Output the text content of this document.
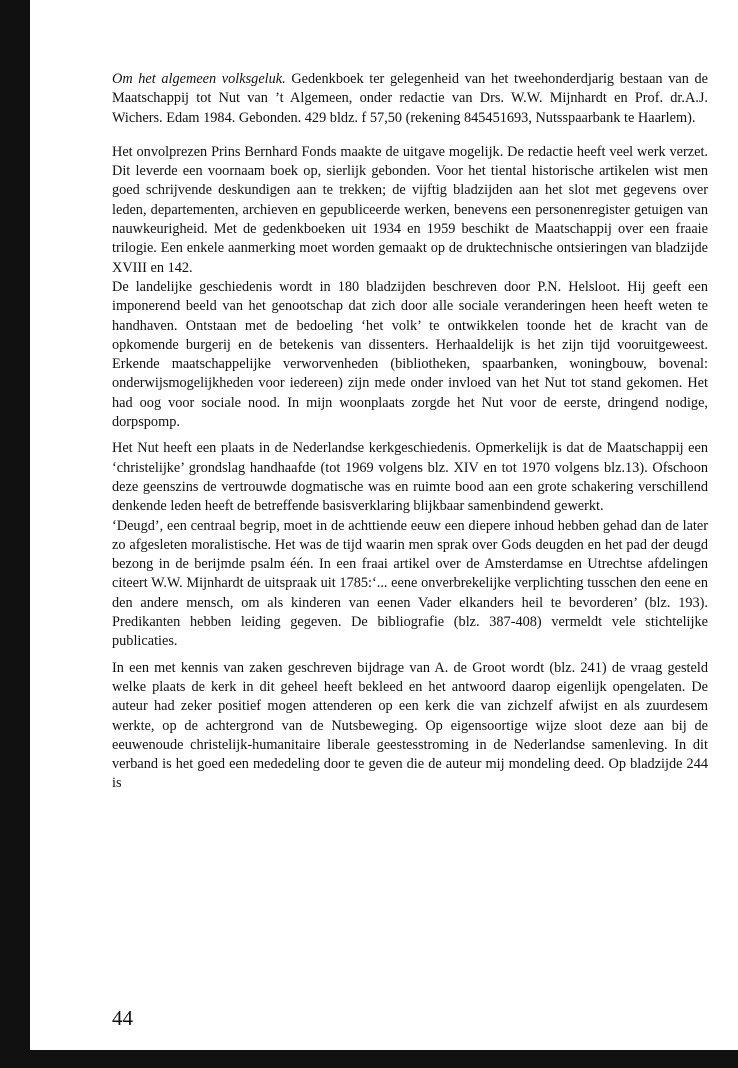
Om het algemeen volksgeluk. Gedenkboek ter gelegenheid van het tweehonderdjarig bestaan van de Maatschappij tot Nut van ’t Algemeen, onder redactie van Drs. W.W. Mijnhardt en Prof. dr.A.J. Wichers. Edam 1984. Gebonden. 429 bldz. f 57,50 (rekening 845451693, Nutsspaarbank te Haarlem).

Het onvolprezen Prins Bernhard Fonds maakte de uitgave mogelijk. De redactie heeft veel werk verzet. Dit leverde een voornaam boek op, sierlijk gebonden. Voor het tiental historische artikelen wist men goed schrijvende deskundigen aan te trekken; de vijftig bladzijden aan het slot met gegevens over leden, departementen, archieven en gepubliceerde werken, benevens een personenregister getuigen van nauwkeurigheid. Met de gedenkboeken uit 1934 en 1959 beschikt de Maatschappij over een fraaie trilogie. Een enkele aanmerking moet worden gemaakt op de druktechnische ontsieringen van bladzijde XVIII en 142.

De landelijke geschiedenis wordt in 180 bladzijden beschreven door P.N. Helsloot. Hij geeft een imponerend beeld van het genootschap dat zich door alle sociale veranderingen heen heeft weten te handhaven. Ontstaan met de bedoeling ‘het volk’ te ontwikkelen toonde het de kracht van de opkomende burgerij en de betekenis van dissenters. Herhaaldelijk is het zijn tijd vooruitgeweest. Erkende maatschappelijke verworvenheden (bibliotheken, spaarbanken, woningbouw, bovenal: onderwijsmogelijkheden voor iedereen) zijn mede onder invloed van het Nut tot stand gekomen. Het had oog voor sociale nood. In mijn woonplaats zorgde het Nut voor de eerste, dringend nodige, dorpspomp.

Het Nut heeft een plaats in de Nederlandse kerkgeschiedenis. Opmerkelijk is dat de Maatschappij een ‘christelijke’ grondslag handhaafde (tot 1969 volgens blz. XIV en tot 1970 volgens blz.13). Ofschoon deze geenszins de vertrouwde dogmatische was en ruimte bood aan een grote schakering verschillend denkende leden heeft de betreffende basisverklaring blijkbaar samenbindend gewerkt.

‘Deugd’, een centraal begrip, moet in de achttiende eeuw een diepere inhoud hebben gehad dan de later zo afgesleten moralistische. Het was de tijd waarin men sprak over Gods deugden en het pad der deugd bezong in de berijmde psalm één. In een fraai artikel over de Amsterdamse en Utrechtse afdelingen citeert W.W. Mijnhardt de uitspraak uit 1785:‘... eene onverbrekelijke verplichting tusschen den eene en den andere mensch, om als kinderen van eenen Vader elkanders heil te bevorderen’ (blz. 193). Predikanten hebben leiding gegeven. De bibliografie (blz. 387-408) vermeldt vele stichtelijke publicaties.

In een met kennis van zaken geschreven bijdrage van A. de Groot wordt (blz. 241) de vraag gesteld welke plaats de kerk in dit geheel heeft bekleed en het antwoord daarop eigenlijk opengelaten. De auteur had zeker positief mogen attenderen op een kerk die van zichzelf afwijst en als zuurdesem werkte, op de achtergrond van de Nutsbeweging. Op eigensoortige wijze sloot deze aan bij de eeuwenoude christelijk-humanitaire liberale geestesstroming in de Nederlandse samenleving. In dit verband is het goed een mededeling door te geven die de auteur mij mondeling deed. Op bladzijde 244 is

44
